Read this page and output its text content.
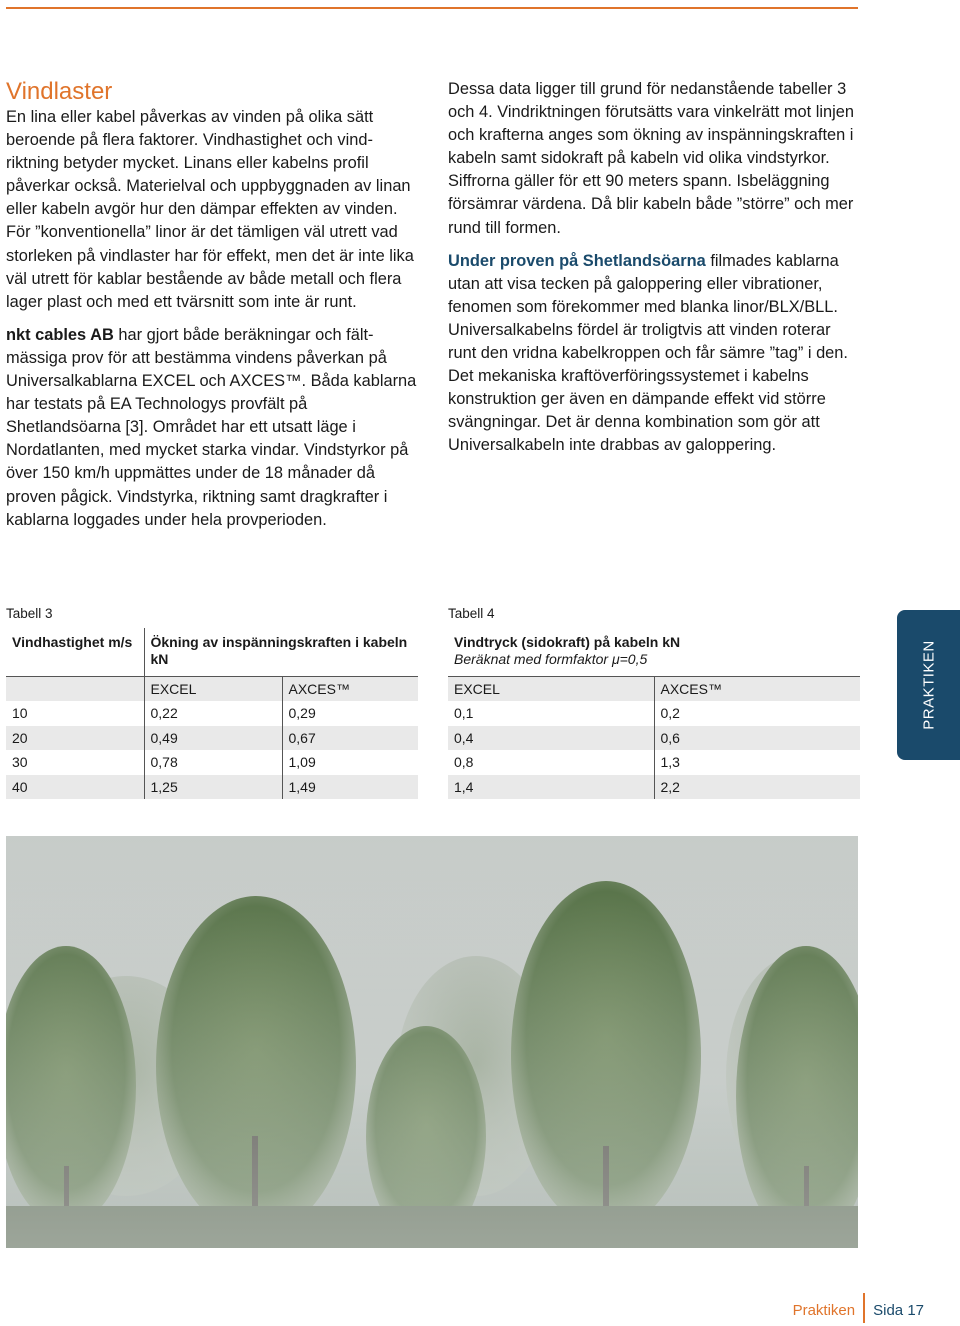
Vindlaster

En lina eller kabel påverkas av vinden på olika sätt beroende på flera faktorer. Vindhastighet och vindriktning betyder mycket. Linans eller kabelns profil påverkar också. Materielval och uppbyggnaden av linan eller kabeln avgör hur den dämpar effekten av vinden. För ”konventionella” linor är det tämligen väl utrett vad storleken på vindlaster har för effekt, men det är inte lika väl utrett för kablar bestående av både metall och flera lager plast och med ett tvärsnitt som inte är runt.

nkt cables AB har gjort både beräkningar och fältmässiga prov för att bestämma vindens påverkan på Universalkablarna EXCEL och AXCES™. Båda kablarna har testats på EA Technologys provfält på Shetlandsöarna [3]. Området har ett utsatt läge i Nordatlanten, med mycket starka vindar. Vindstyrkor på över 150 km/h uppmättes under de 18 månader då proven pågick. Vindstyrka, riktning samt dragkrafter i kablarna loggades under hela provperioden.

Dessa data ligger till grund för nedanstående tabeller 3 och 4. Vindriktningen förutsätts vara vinkelrätt mot linjen och krafterna anges som ökning av inspänningskraften i kabeln samt sidokraft på kabeln vid olika vindstyrkor. Siffrorna gäller för ett 90 meters spann. Isbeläggning försämrar värdena. Då blir kabeln både ”större” och mer rund till formen.

Under proven på Shetlandsöarna filmades kablarna utan att visa tecken på galoppering eller vibrationer, fenomen som förekommer med blanka linor/BLX/BLL. Universalkabelns fördel är troligtvis att vinden roterar runt den vridna kabelkroppen och får sämre ”tag” i den. Det mekaniska kraftöverföringssystemet i kabelns konstruktion ger även en dämpande effekt vid större svängningar. Det är denna kombination som gör att Universalkabeln inte drabbas av galoppering.

Tabell 3
Vindhastighet m/s	Ökning av inspänningskraften i kabeln kN	
	EXCEL	AXCES™
10	0,22	0,29
20	0,49	0,67
30	0,78	1,09
40	1,25	1,49
Tabell 4
Vindtryck (sidokraft) på kabeln kN
Beräknat med formfaktor μ=0,5	

EXCEL	AXCES™
0,1	0,2
0,4	0,6
0,8	1,3
1,4	2,2
PRAKTIKEN
Praktiken Sida 17
